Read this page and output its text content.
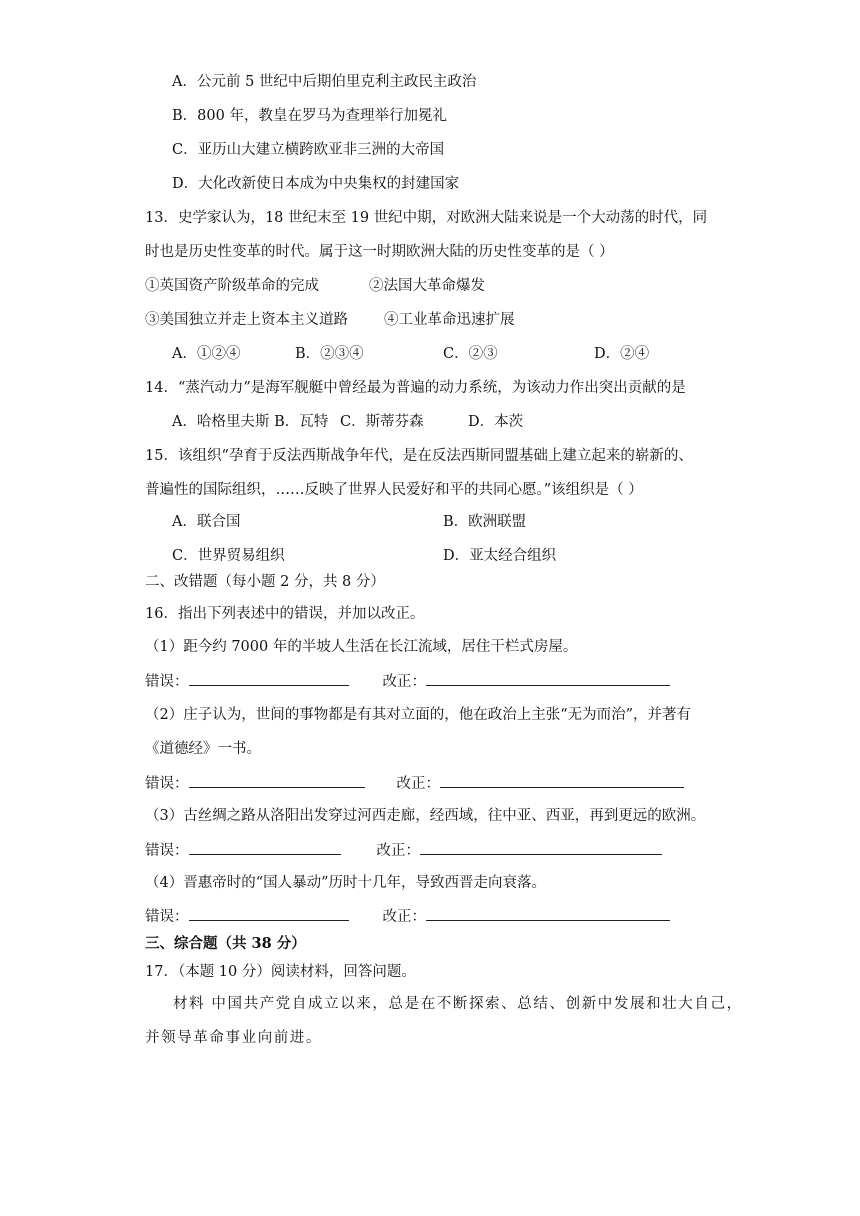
A．公元前 5 世纪中后期伯里克利主政民主政治
B．800 年，教皇在罗马为查理举行加冕礼
C．亚历山大建立横跨欧亚非三洲的大帝国
D．大化改新使日本成为中央集权的封建国家
13．史学家认为，18 世纪末至 19 世纪中期，对欧洲大陆来说是一个大动荡的时代，同
时也是历史性变革的时代。属于这一时期欧洲大陆的历史性变革的是（ ）
①英国资产阶级革命的完成	②法国大革命爆发
③美国独立并走上资本主义道路 ④工业革命迅速扩展
A．①②④	B．②③④	C．②③	D．②④
14．“蒸汽动力”是海军舰艇中曾经最为普遍的动力系统，为该动力作出突出贡献的是
A．哈格里夫斯 B．瓦特 C．斯蒂芬森	D．本茨
15．该组织“孕育于反法西斯战争年代，是在反法西斯同盟基础上建立起来的崭新的、
普遍性的国际组织，……反映了世界人民爱好和平的共同心愿。”该组织是（ ）
A．联合国	B．欧洲联盟
C．世界贸易组织	D．亚太经合组织
二、改错题（每小题 2 分，共 8 分）
16．指出下列表述中的错误，并加以改正。
（1）距今约 7000 年的半坡人生活在长江流域，居住干栏式房屋。
错误：	改正：
（2）庄子认为，世间的事物都是有其对立面的，他在政治上主张“无为而治”，并著有
《道德经》一书。
错误：	改正：
（3）古丝绸之路从洛阳出发穿过河西走廊，经西域，往中亚、西亚，再到更远的欧洲。
错误：	改正：
（4）晋惠帝时的“国人暴动”历时十几年，导致西晋走向衰落。
错误：	改正：
三、综合题（共 38 分）
17．（本题 10 分）阅读材料，回答问题。
材料 中国共产党自成立以来，总是在不断探索、总结、创新中发展和壮大自己，
并领导革命事业向前进。
